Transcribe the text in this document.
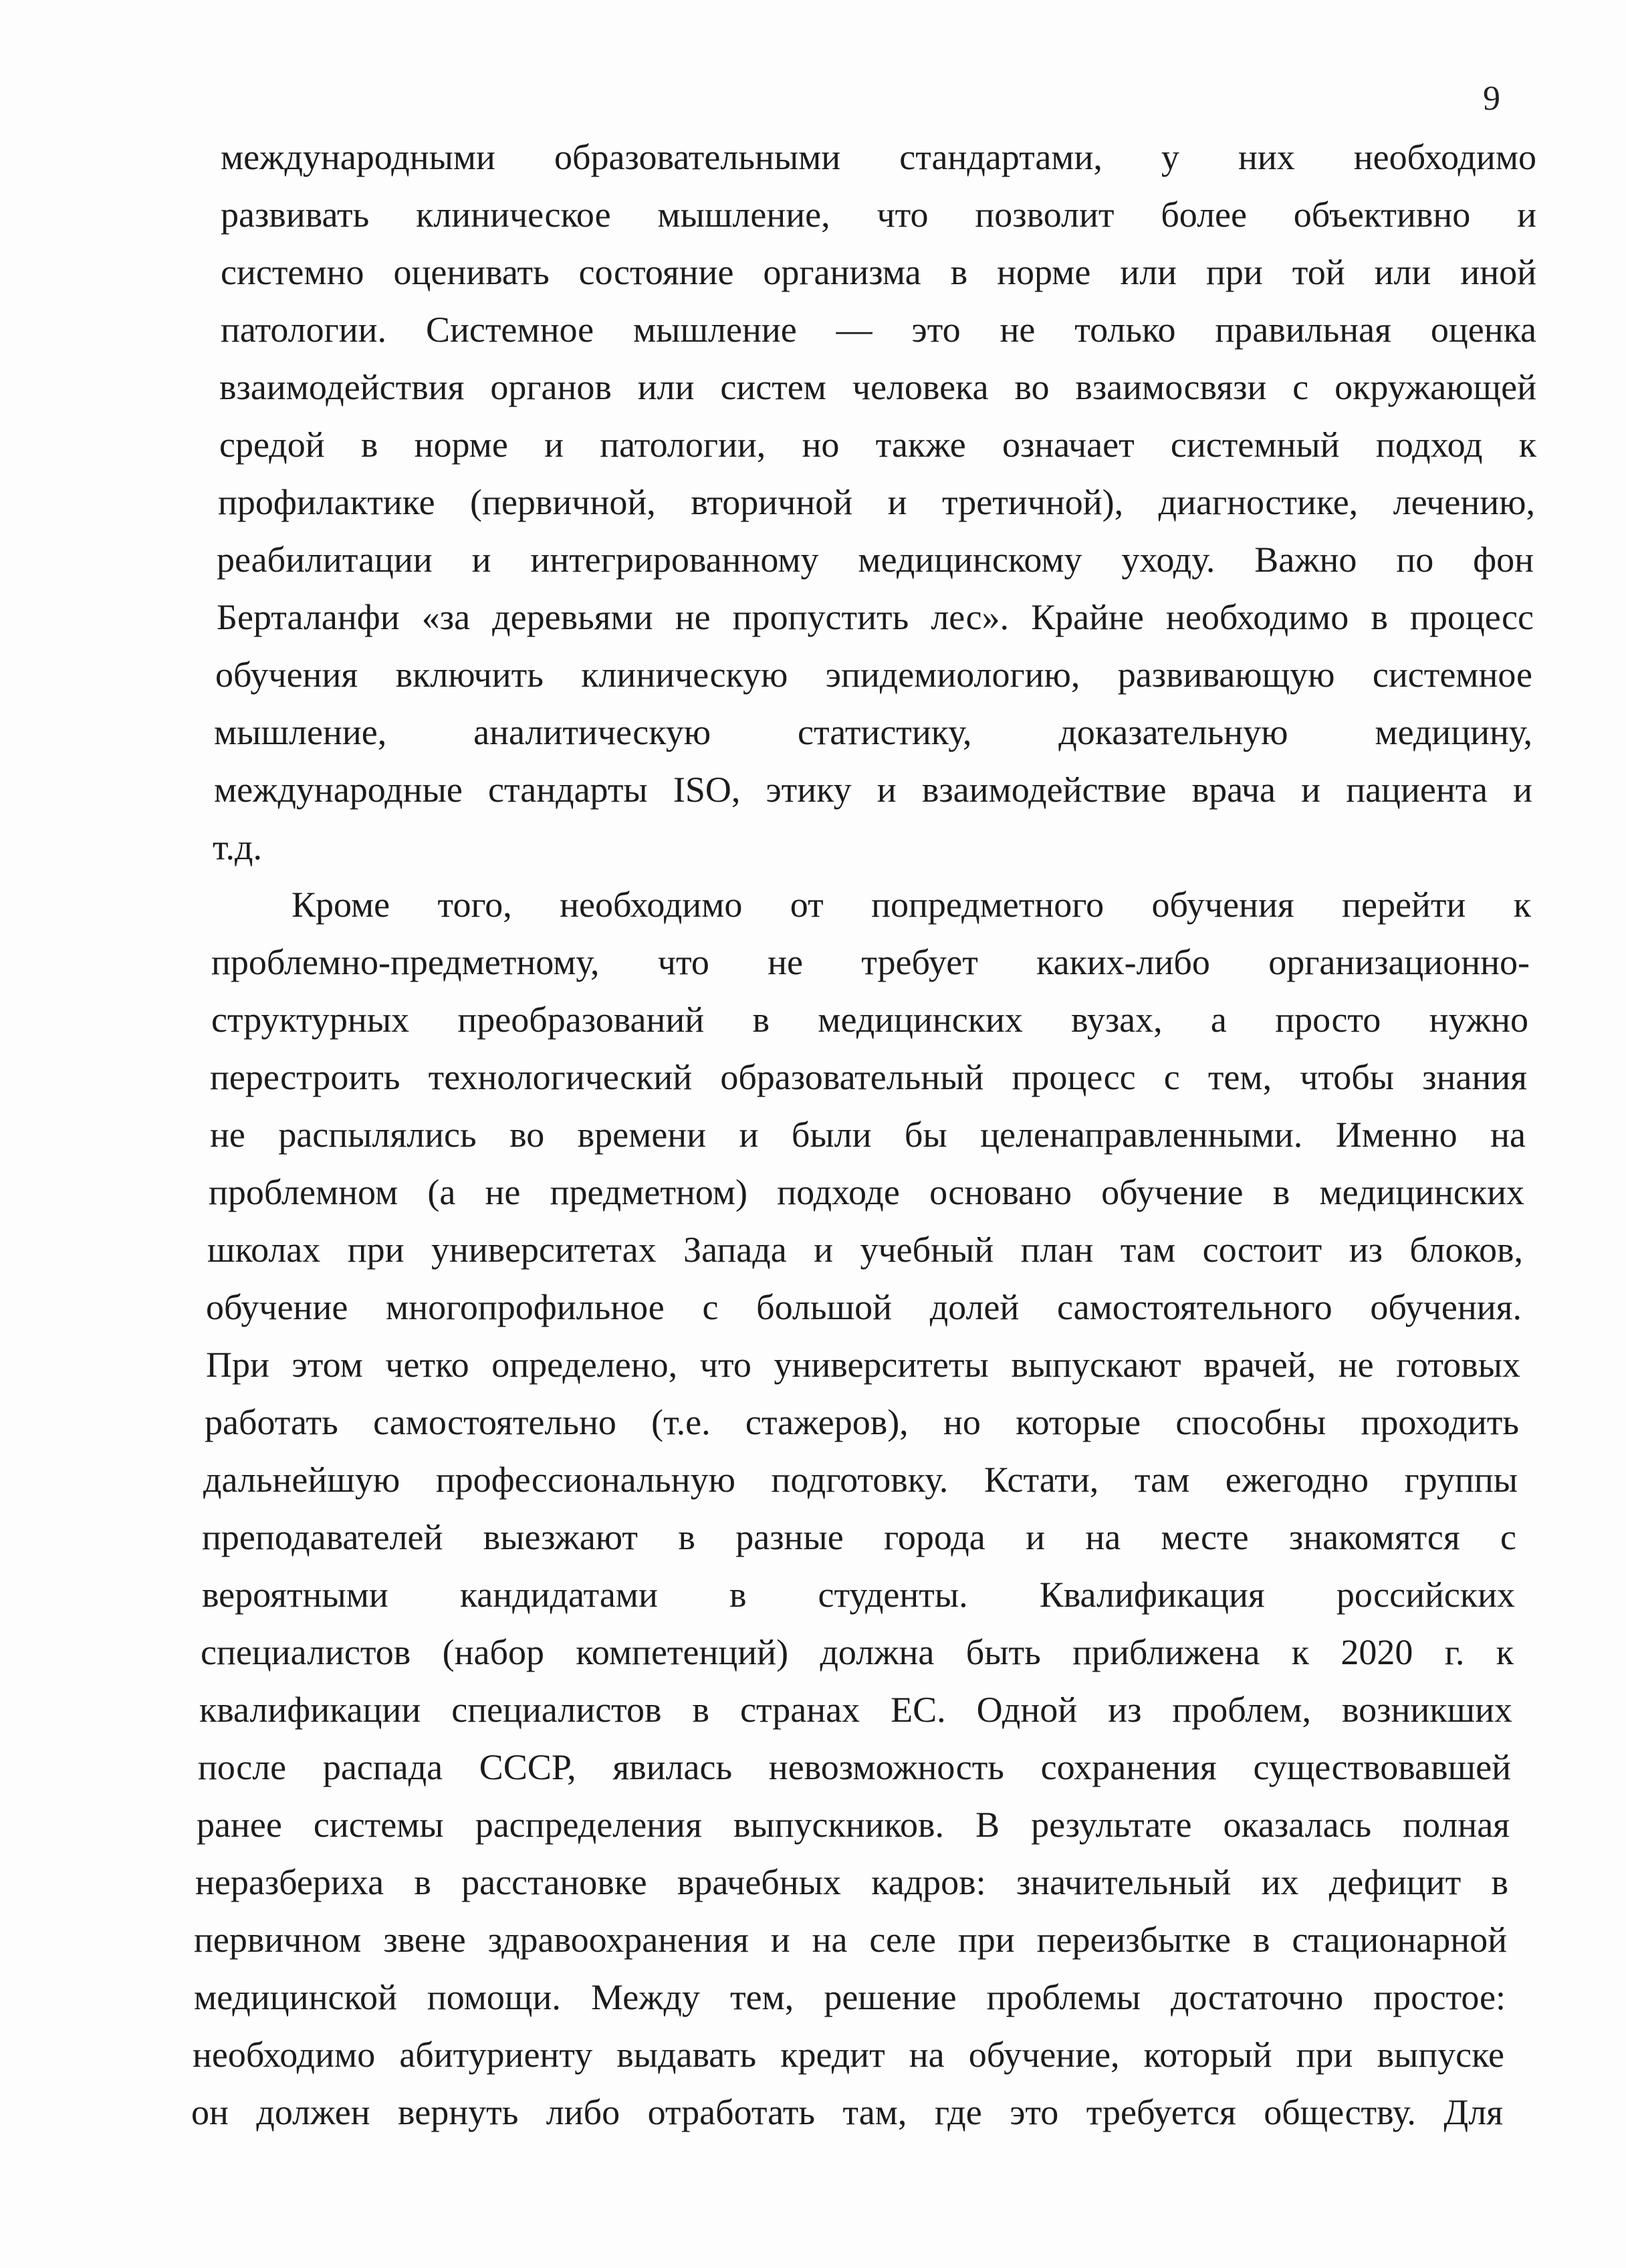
9
международными образовательными стандартами, у них необходимо
развивать клиническое мышление, что позволит более объективно и
системно оценивать состояние организма в норме или при той или иной
патологии. Системное мышление — это не только правильная оценка
взаимодействия органов или систем человека во взаимосвязи с окружающей
средой в норме и патологии, но также означает системный подход к
профилактике (первичной, вторичной и третичной), диагностике, лечению,
реабилитации и интегрированному медицинскому уходу. Важно по фон
Берталанфи «за деревьями не пропустить лес». Крайне необходимо в процесс
обучения включить клиническую эпидемиологию, развивающую системное
мышление, аналитическую статистику, доказательную медицину,
международные стандарты ISO, этику и взаимодействие врача и пациента и
т.д.
Кроме того, необходимо от попредметного обучения перейти к
проблемно-предметному, что не требует каких-либо организационно-
структурных преобразований в медицинских вузах, а просто нужно
перестроить технологический образовательный процесс с тем, чтобы знания
не распылялись во времени и были бы целенаправленными. Именно на
проблемном (а не предметном) подходе основано обучение в медицинских
школах при университетах Запада и учебный план там состоит из блоков,
обучение многопрофильное с большой долей самостоятельного обучения.
При этом четко определено, что университеты выпускают врачей, не готовых
работать самостоятельно (т.е. стажеров), но которые способны проходить
дальнейшую профессиональную подготовку. Кстати, там ежегодно группы
преподавателей выезжают в разные города и на месте знакомятся с
вероятными кандидатами в студенты. Квалификация российских
специалистов (набор компетенций) должна быть приближена к 2020 г. к
квалификации специалистов в странах ЕС. Одной из проблем, возникших
после распада СССР, явилась невозможность сохранения существовавшей
ранее системы распределения выпускников. В результате оказалась полная
неразбериха в расстановке врачебных кадров: значительный их дефицит в
первичном звене здравоохранения и на селе при переизбытке в стационарной
медицинской помощи. Между тем, решение проблемы достаточно простое:
необходимо абитуриенту выдавать кредит на обучение, который при выпуске
он должен вернуть либо отработать там, где это требуется обществу. Для
